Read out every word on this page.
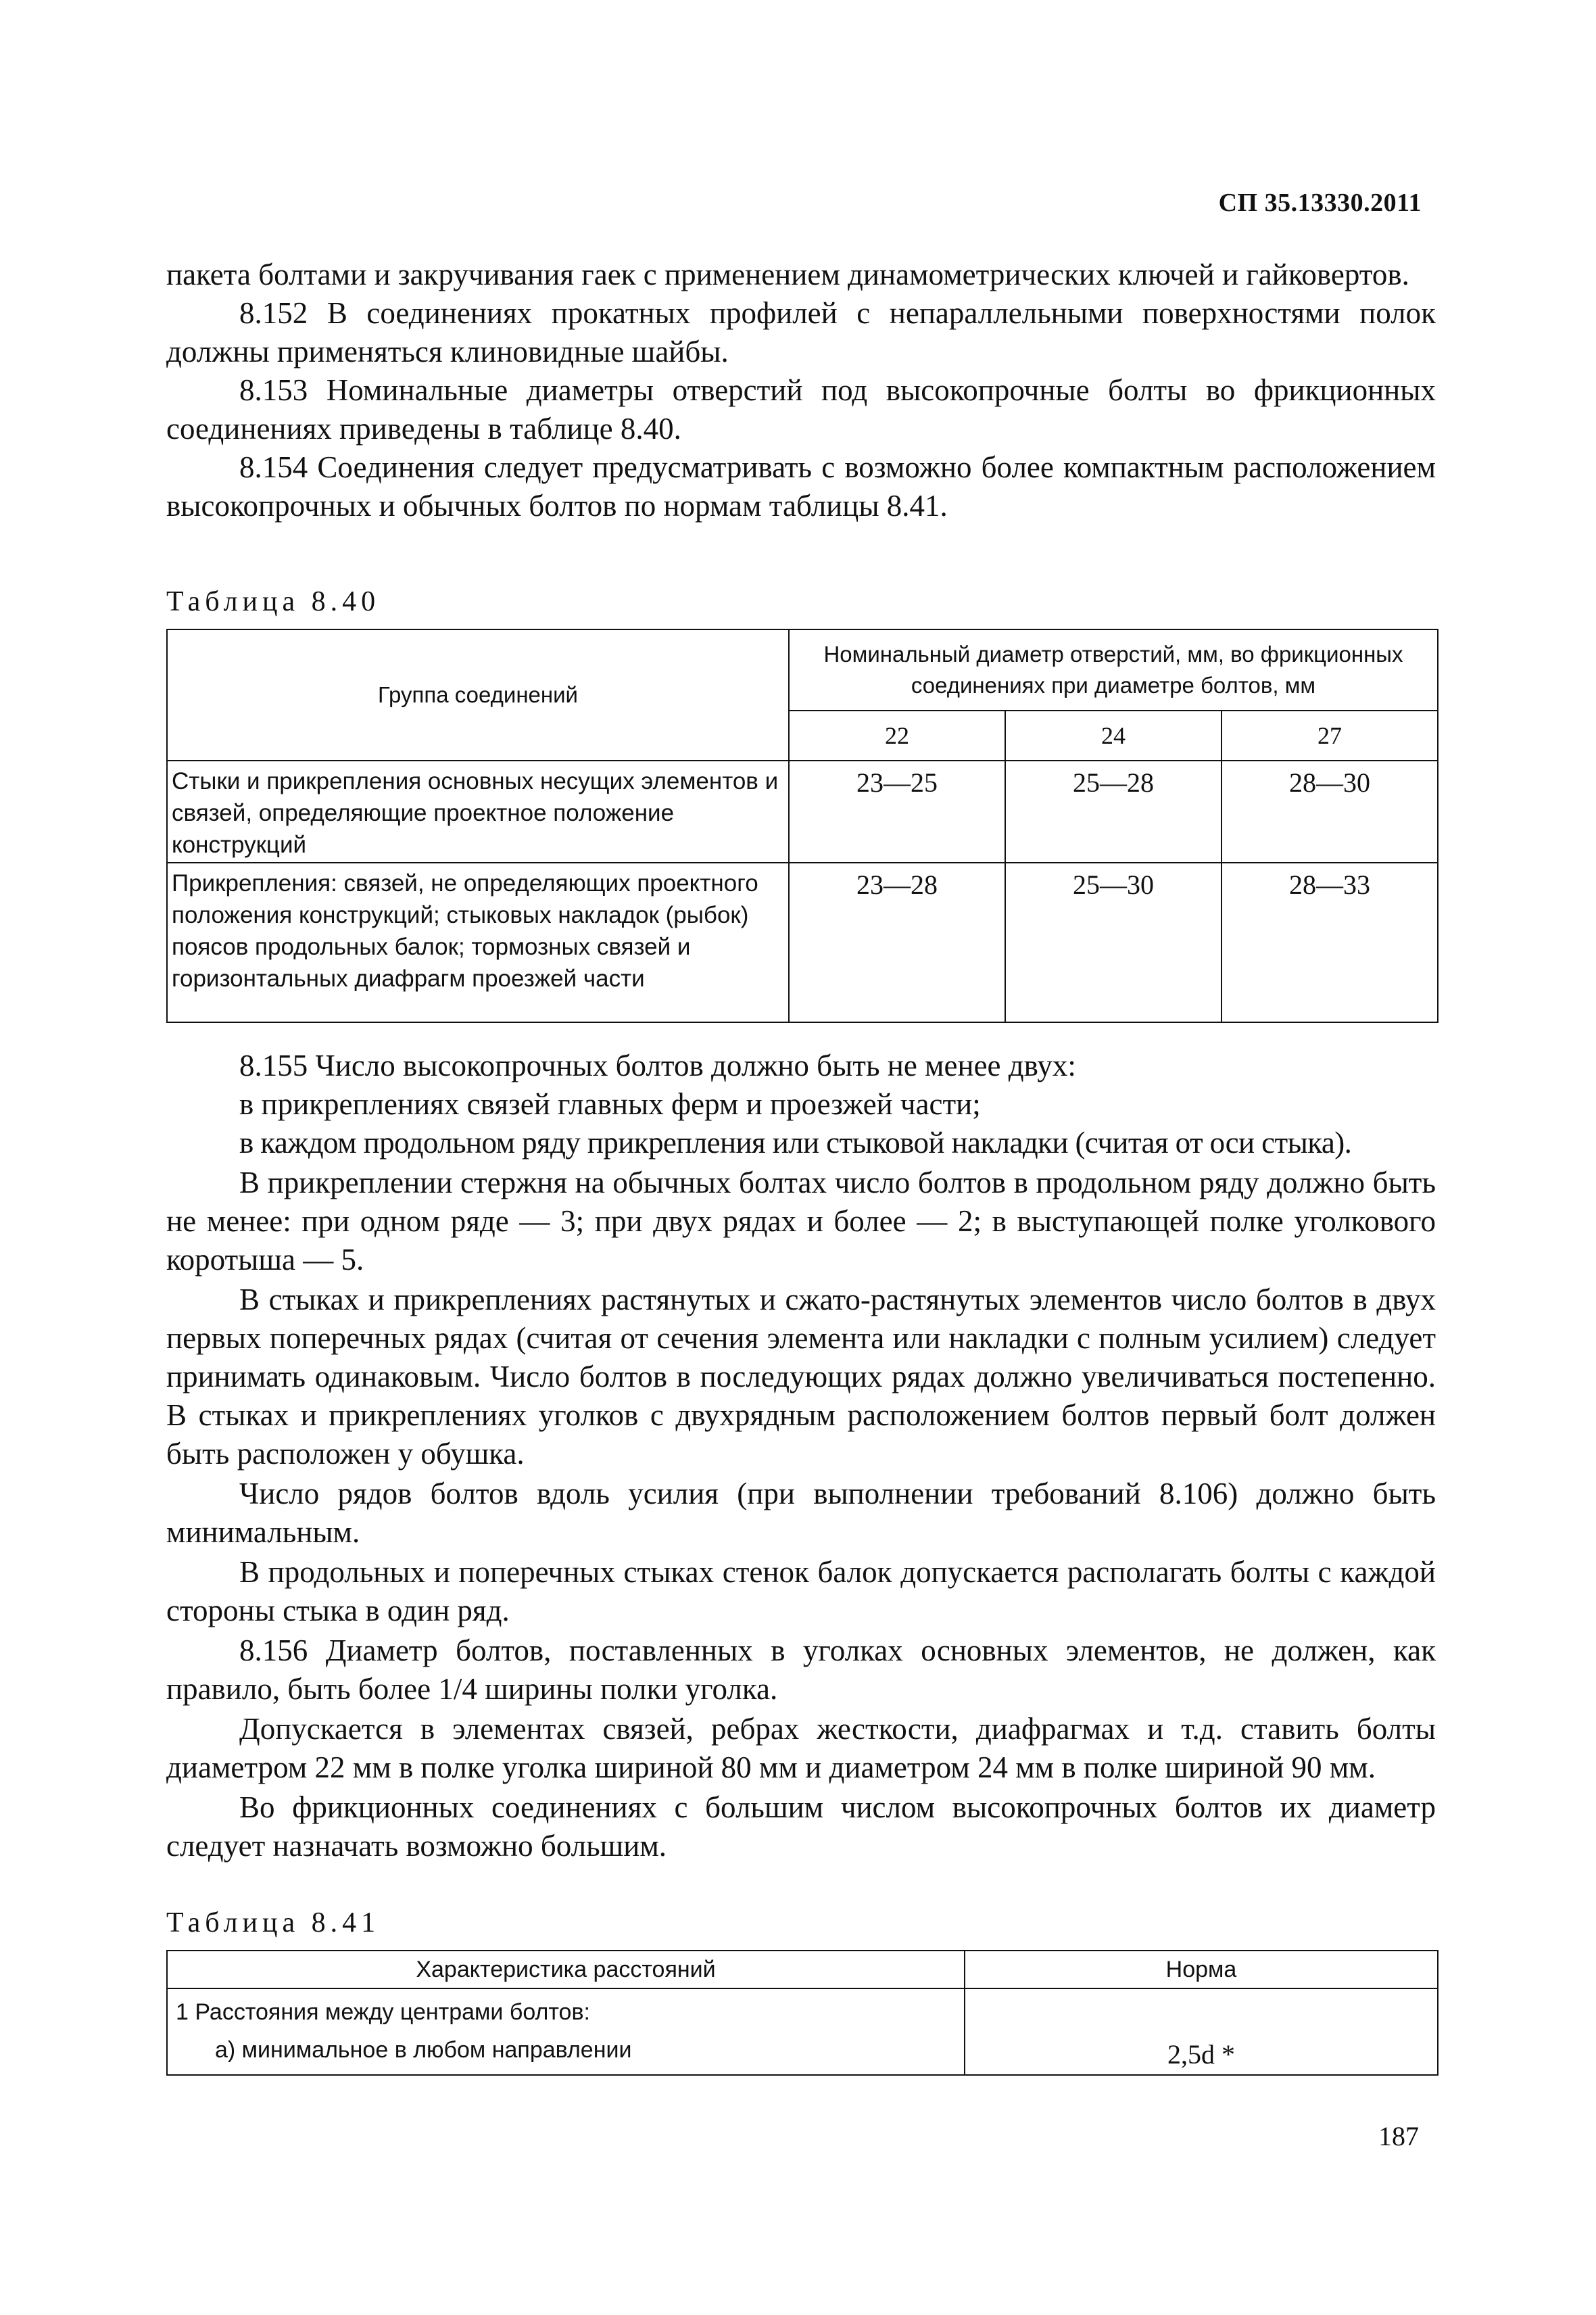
СП 35.13330.2011

пакета болтами и закручивания гаек с применением динамометрических ключей и гайковертов.

8.152 В соединениях прокатных профилей с непараллельными поверхностями полок должны применяться клиновидные шайбы.

8.153 Номинальные диаметры отверстий под высокопрочные болты во фрикционных соединениях приведены в таблице 8.40.

8.154 Соединения следует предусматривать с возможно более компактным расположением высокопрочных и обычных болтов по нормам таблицы 8.41.

Таблица 8.40
Группа соединений	Номинальный диаметр отверстий, мм, во фрикционных соединениях при диаметре болтов, мм		
	22	24	27
Стыки и прикрепления основных несущих элементов и связей, определяющие проектное положение конструкций	23—25	25—28	28—30
Прикрепления: связей, не определяющих проектного положения конструкций; стыковых накладок (рыбок) поясов продольных балок; тормозных связей и горизонтальных диафрагм проезжей части	23—28	25—30	28—33

8.155 Число высокопрочных болтов должно быть не менее двух:

в прикреплениях связей главных ферм и проезжей части;

в каждом продольном ряду прикрепления или стыковой накладки (считая от оси стыка).

В прикреплении стержня на обычных болтах число болтов в продольном ряду должно быть не менее: при одном ряде — 3; при двух рядах и более — 2; в выступающей полке уголкового коротыша — 5.

В стыках и прикреплениях растянутых и сжато-растянутых элементов число болтов в двух первых поперечных рядах (считая от сечения элемента или накладки с полным усилием) следует принимать одинаковым. Число болтов в последующих рядах должно увеличиваться постепенно. В стыках и прикреплениях уголков с двухрядным расположением болтов первый болт должен быть расположен у обушка.

Число рядов болтов вдоль усилия (при выполнении требований 8.106) должно быть минимальным.

В продольных и поперечных стыках стенок балок допускается располагать болты с каждой стороны стыка в один ряд.

8.156 Диаметр болтов, поставленных в уголках основных элементов, не должен, как правило, быть более 1/4 ширины полки уголка.

Допускается в элементах связей, ребрах жесткости, диафрагмах и т.д. ставить болты диаметром 22 мм в полке уголка шириной 80 мм и диаметром 24 мм в полке шириной 90 мм.

Во фрикционных соединениях с большим числом высокопрочных болтов их диаметр следует назначать возможно большим.

Таблица 8.41
Характеристика расстояний	Норма

1 Расстояния между центрами болтов:
а) минимальное в любом направлении	2,5d *
187
